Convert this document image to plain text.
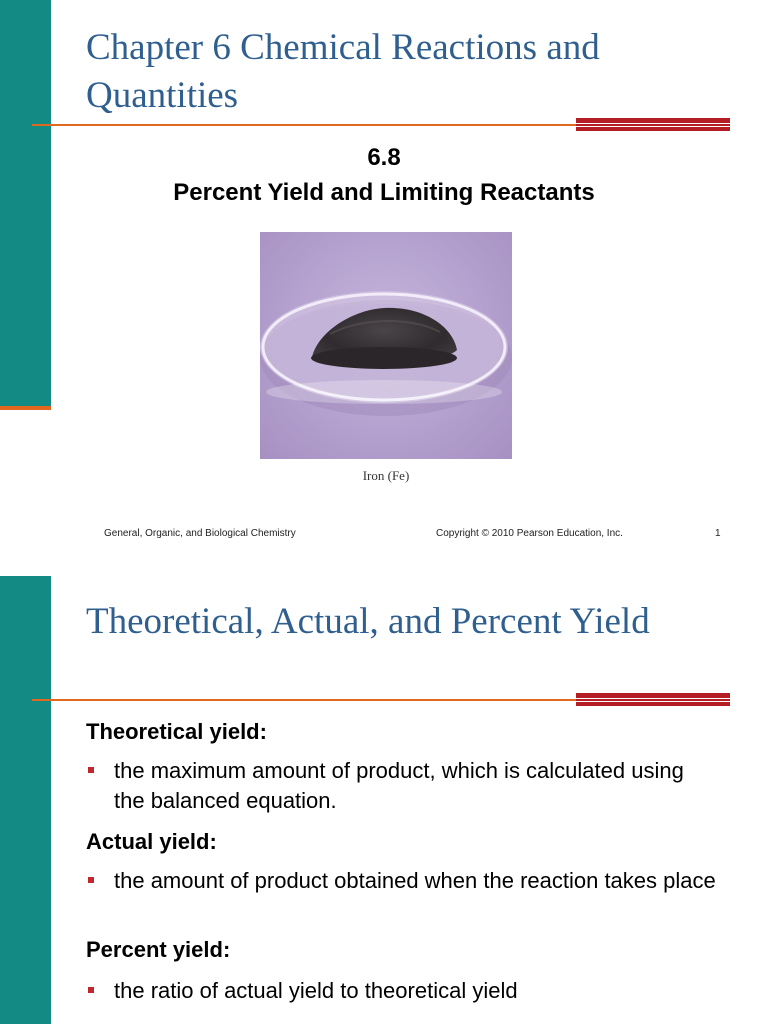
Chapter 6 Chemical Reactions and Quantities
6.8
Percent Yield and Limiting Reactants
Iron (Fe)
General, Organic, and Biological Chemistry	Copyright © 2010 Pearson Education, Inc.	1
Theoretical, Actual, and Percent Yield
Theoretical yield:
the maximum amount of product, which is calculated using the balanced equation.
Actual yield:
the amount of product obtained when the reaction takes place
Percent yield:
the ratio of actual yield to theoretical yield
